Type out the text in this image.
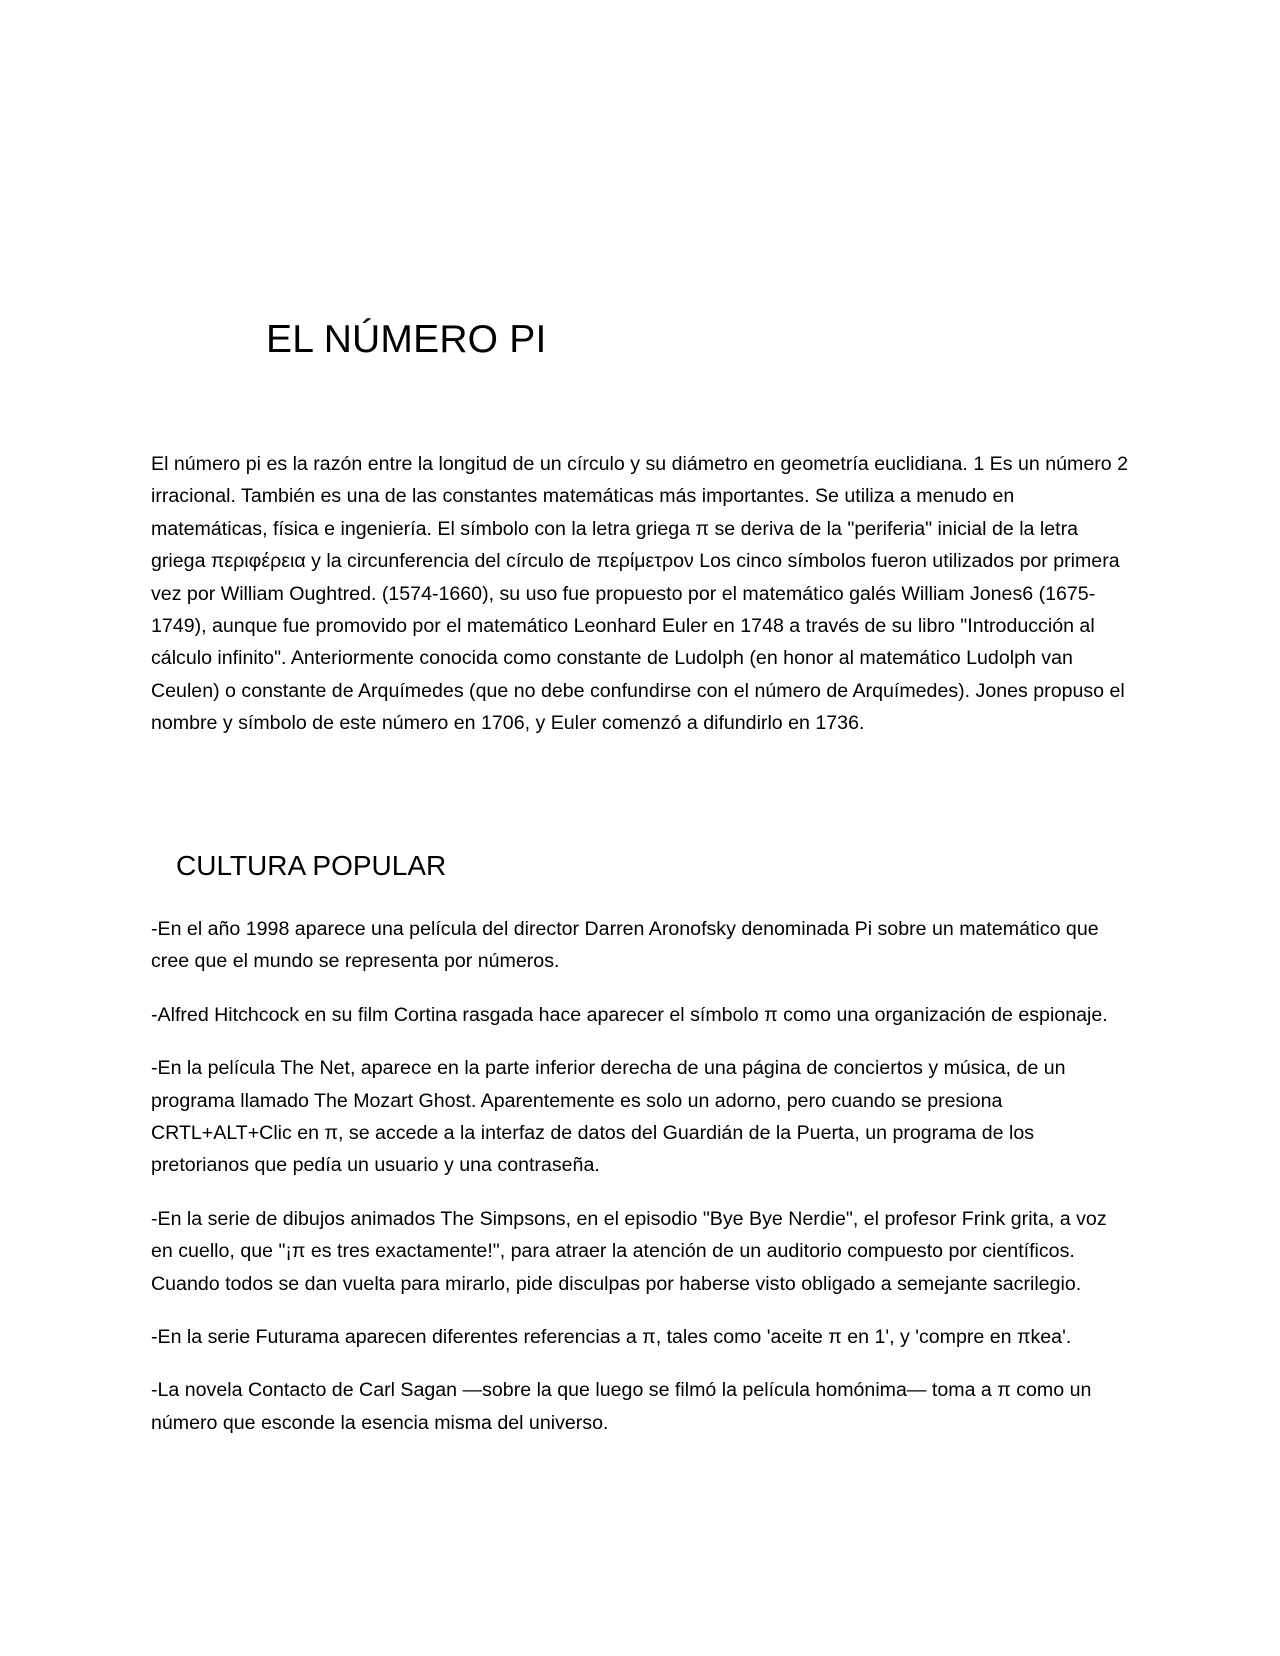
EL NÚMERO PI

El número pi es la razón entre la longitud de un círculo y su diámetro en geometría euclidiana. 1 Es un número 2 irracional. También es una de las constantes matemáticas más importantes. Se utiliza a menudo en matemáticas, física e ingeniería. El símbolo con la letra griega π se deriva de la "periferia" inicial de la letra griega περιφέρεια y la circunferencia del círculo de περίμετρον Los cinco símbolos fueron utilizados por primera vez por William Oughtred. (1574-1660), su uso fue propuesto por el matemático galés William Jones6 (1675-1749), aunque fue promovido por el matemático Leonhard Euler en 1748 a través de su libro "Introducción al cálculo infinito". Anteriormente conocida como constante de Ludolph (en honor al matemático Ludolph van Ceulen) o constante de Arquímedes (que no debe confundirse con el número de Arquímedes). Jones propuso el nombre y símbolo de este número en 1706, y Euler comenzó a difundirlo en 1736.

CULTURA POPULAR

-En el año 1998 aparece una película del director Darren Aronofsky denominada Pi sobre un matemático que cree que el mundo se representa por números.

-Alfred Hitchcock en su film Cortina rasgada hace aparecer el símbolo π como una organización de espionaje.

-En la película The Net, aparece en la parte inferior derecha de una página de conciertos y música, de un programa llamado The Mozart Ghost. Aparentemente es solo un adorno, pero cuando se presiona CRTL+ALT+Clic en π, se accede a la interfaz de datos del Guardián de la Puerta, un programa de los pretorianos que pedía un usuario y una contraseña.

-En la serie de dibujos animados The Simpsons, en el episodio "Bye Bye Nerdie", el profesor Frink grita, a voz en cuello, que "¡π es tres exactamente!", para atraer la atención de un auditorio compuesto por científicos. Cuando todos se dan vuelta para mirarlo, pide disculpas por haberse visto obligado a semejante sacrilegio.

-En la serie Futurama aparecen diferentes referencias a π, tales como 'aceite π en 1', y 'compre en πkea'.

-La novela Contacto de Carl Sagan —sobre la que luego se filmó la película homónima— toma a π como un número que esconde la esencia misma del universo.
